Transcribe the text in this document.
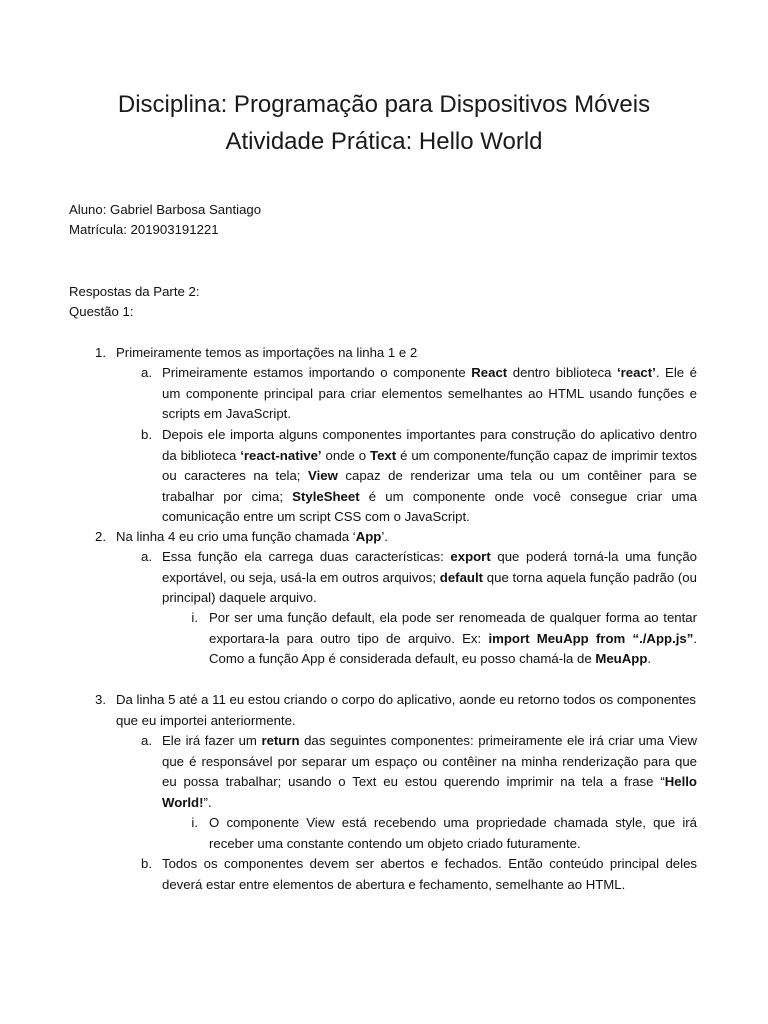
Disciplina: Programação para Dispositivos Móveis
Atividade Prática: Hello World
Aluno: Gabriel Barbosa Santiago
Matrícula: 201903191221
Respostas da Parte 2:
Questão 1:
1. Primeiramente temos as importações na linha 1 e 2
a. Primeiramente estamos importando o componente React dentro biblioteca ‘react’. Ele é um componente principal para criar elementos semelhantes ao HTML usando funções e scripts em JavaScript.
b. Depois ele importa alguns componentes importantes para construção do aplicativo dentro da biblioteca ‘react-native’ onde o Text é um componente/função capaz de imprimir textos ou caracteres na tela; View capaz de renderizar uma tela ou um contêiner para se trabalhar por cima; StyleSheet é um componente onde você consegue criar uma comunicação entre um script CSS com o JavaScript.
2. Na linha 4 eu crio uma função chamada ‘App’.
a. Essa função ela carrega duas características: export que poderá torná-la uma função exportável, ou seja, usá-la em outros arquivos; default que torna aquela função padrão (ou principal) daquele arquivo.
i. Por ser uma função default, ela pode ser renomeada de qualquer forma ao tentar exportara-la para outro tipo de arquivo. Ex: import MeuApp from “./App.js”. Como a função App é considerada default, eu posso chamá-la de MeuApp.
3. Da linha 5 até a 11 eu estou criando o corpo do aplicativo, aonde eu retorno todos os componentes que eu importei anteriormente.
a. Ele irá fazer um return das seguintes componentes: primeiramente ele irá criar uma View que é responsável por separar um espaço ou contêiner na minha renderização para que eu possa trabalhar; usando o Text eu estou querendo imprimir na tela a frase “Hello World!”.
i. O componente View está recebendo uma propriedade chamada style, que irá receber uma constante contendo um objeto criado futuramente.
b. Todos os componentes devem ser abertos e fechados. Então conteúdo principal deles deverá estar entre elementos de abertura e fechamento, semelhante ao HTML.
